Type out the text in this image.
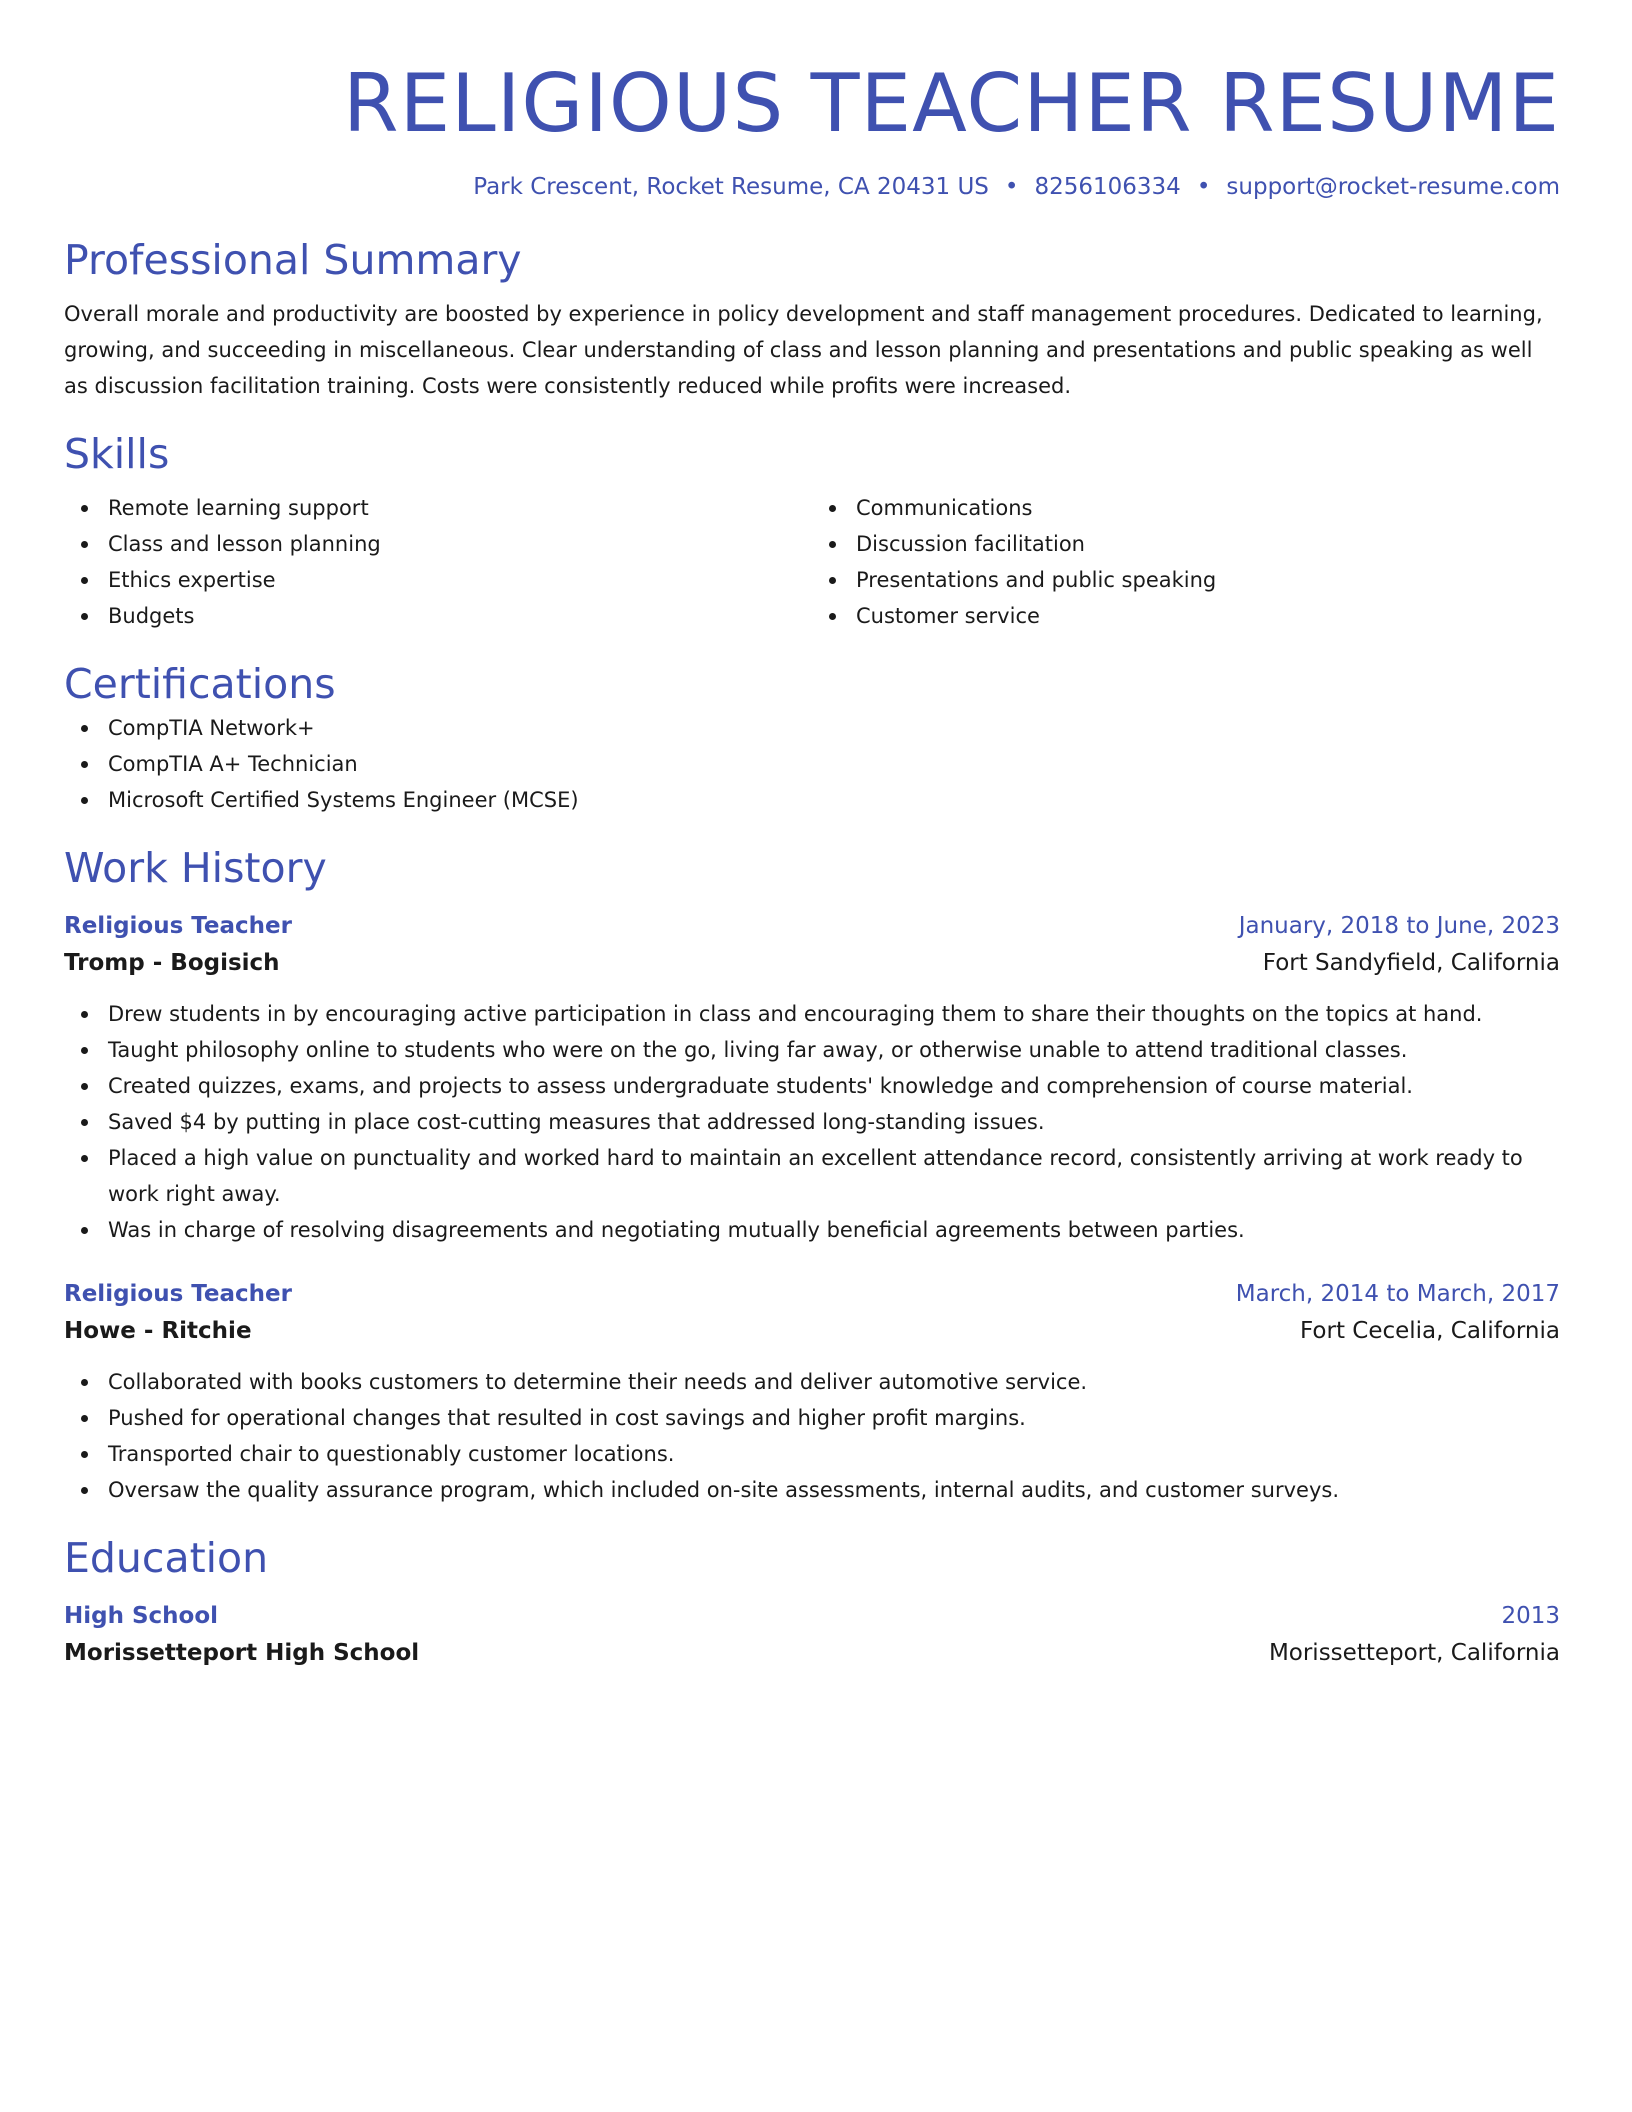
RELIGIOUS TEACHER RESUME
Park Crescent, Rocket Resume, CA 20431 US • 8256106334 • support@rocket-resume.com
Professional Summary

Overall morale and productivity are boosted by experience in policy development and staff management procedures. Dedicated to learning, growing, and succeeding in miscellaneous. Clear understanding of class and lesson planning and presentations and public speaking as well as discussion facilitation training. Costs were consistently reduced while profits were increased.

Skills
Remote learning support
Class and lesson planning
Ethics expertise
Budgets
Communications
Discussion facilitation
Presentations and public speaking
Customer service
Certifications
CompTIA Network+
CompTIA A+ Technician
Microsoft Certified Systems Engineer (MCSE)
Work History
Religious Teacher	January, 2018 to June, 2023
Tromp - Bogisich	Fort Sandyfield, California
Drew students in by encouraging active participation in class and encouraging them to share their thoughts on the topics at hand.
Taught philosophy online to students who were on the go, living far away, or otherwise unable to attend traditional classes.
Created quizzes, exams, and projects to assess undergraduate students' knowledge and comprehension of course material.
Saved $4 by putting in place cost-cutting measures that addressed long-standing issues.
Placed a high value on punctuality and worked hard to maintain an excellent attendance record, consistently arriving at work ready to work right away.
Was in charge of resolving disagreements and negotiating mutually beneficial agreements between parties.
Religious Teacher	March, 2014 to March, 2017
Howe - Ritchie	Fort Cecelia, California
Collaborated with books customers to determine their needs and deliver automotive service.
Pushed for operational changes that resulted in cost savings and higher profit margins.
Transported chair to questionably customer locations.
Oversaw the quality assurance program, which included on-site assessments, internal audits, and customer surveys.
Education
High School	2013
Morissetteport High School	Morissetteport, California
